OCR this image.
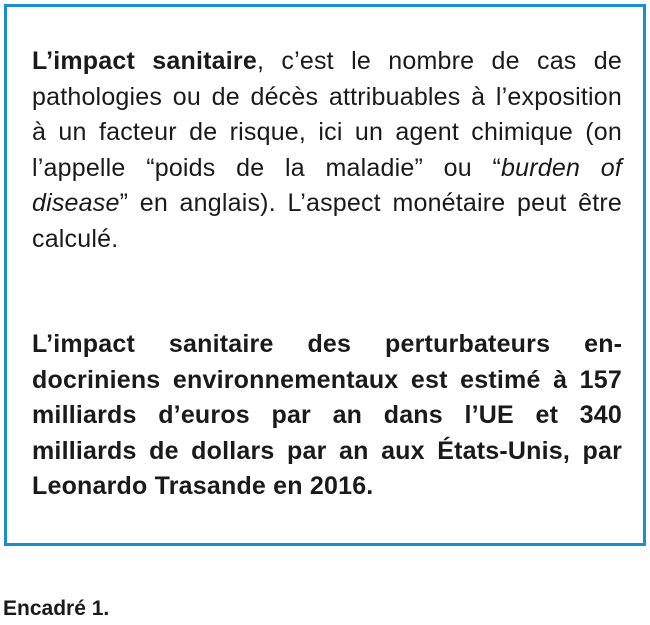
L’impact sanitaire, c’est le nombre de cas de pathologies ou de décès attribuables à l’exposition à un facteur de risque, ici un agent chimique (on l’appelle “poids de la maladie” ou “burden of disease” en anglais). L’aspect monétaire peut être calculé.

L’impact sanitaire des perturbateurs endocriniens environnementaux est estimé à 157 milliards d’euros par an dans l’UE et 340 milliards de dollars par an aux États-Unis, par Leonardo Trasande en 2016.

Encadré 1.
